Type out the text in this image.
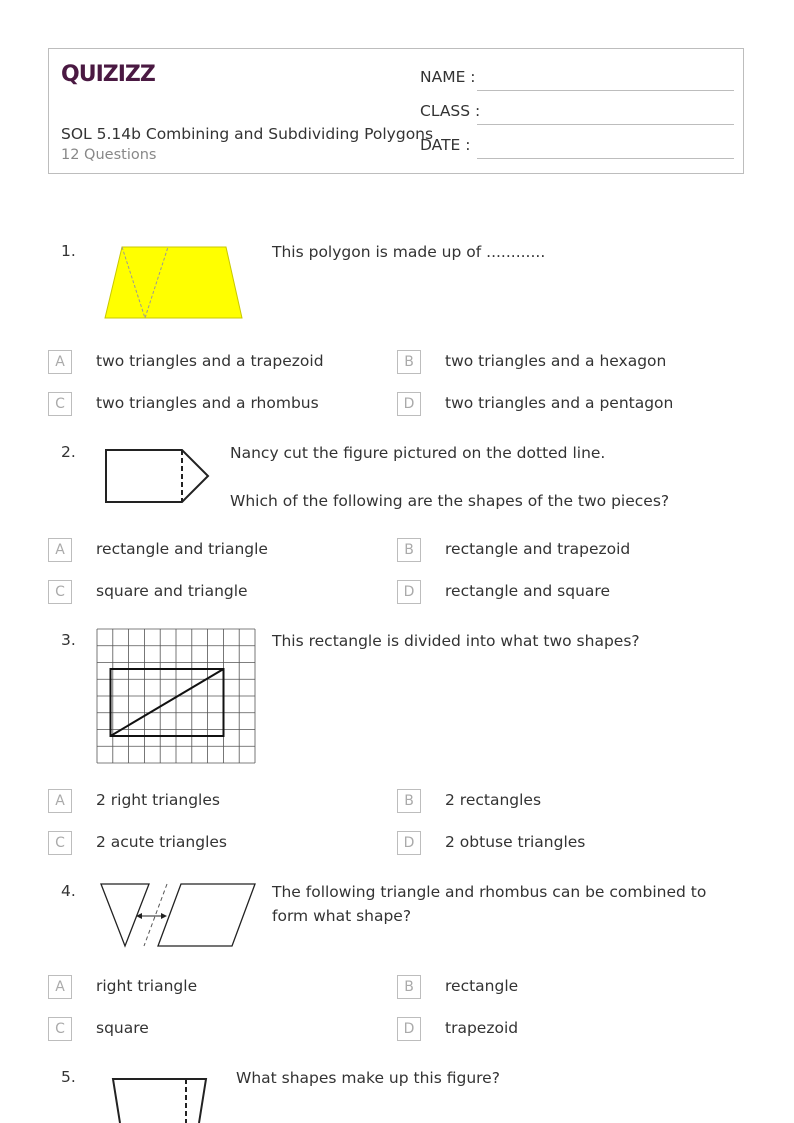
QUIZIZZ
SOL 5.14b Combining and Subdividing Polygons
12 Questions
NAME :
CLASS :
DATE :
1.	This polygon is made up of ............
A	two triangles and a trapezoid	B	two triangles and a hexagon
C	two triangles and a rhombus	D	two triangles and a pentagon
2.	Nancy cut the figure pictured on the dotted line.
Which of the following are the shapes of the two pieces?
A	rectangle and triangle	B	rectangle and trapezoid
C	square and triangle	D	rectangle and square
3.	This rectangle is divided into what two shapes?
A	2 right triangles	B	2 rectangles
C	2 acute triangles	D	2 obtuse triangles
4.	The following triangle and rhombus can be combined to form what shape?
A	right triangle	B	rectangle
C	square	D	trapezoid
5.	What shapes make up this figure?
